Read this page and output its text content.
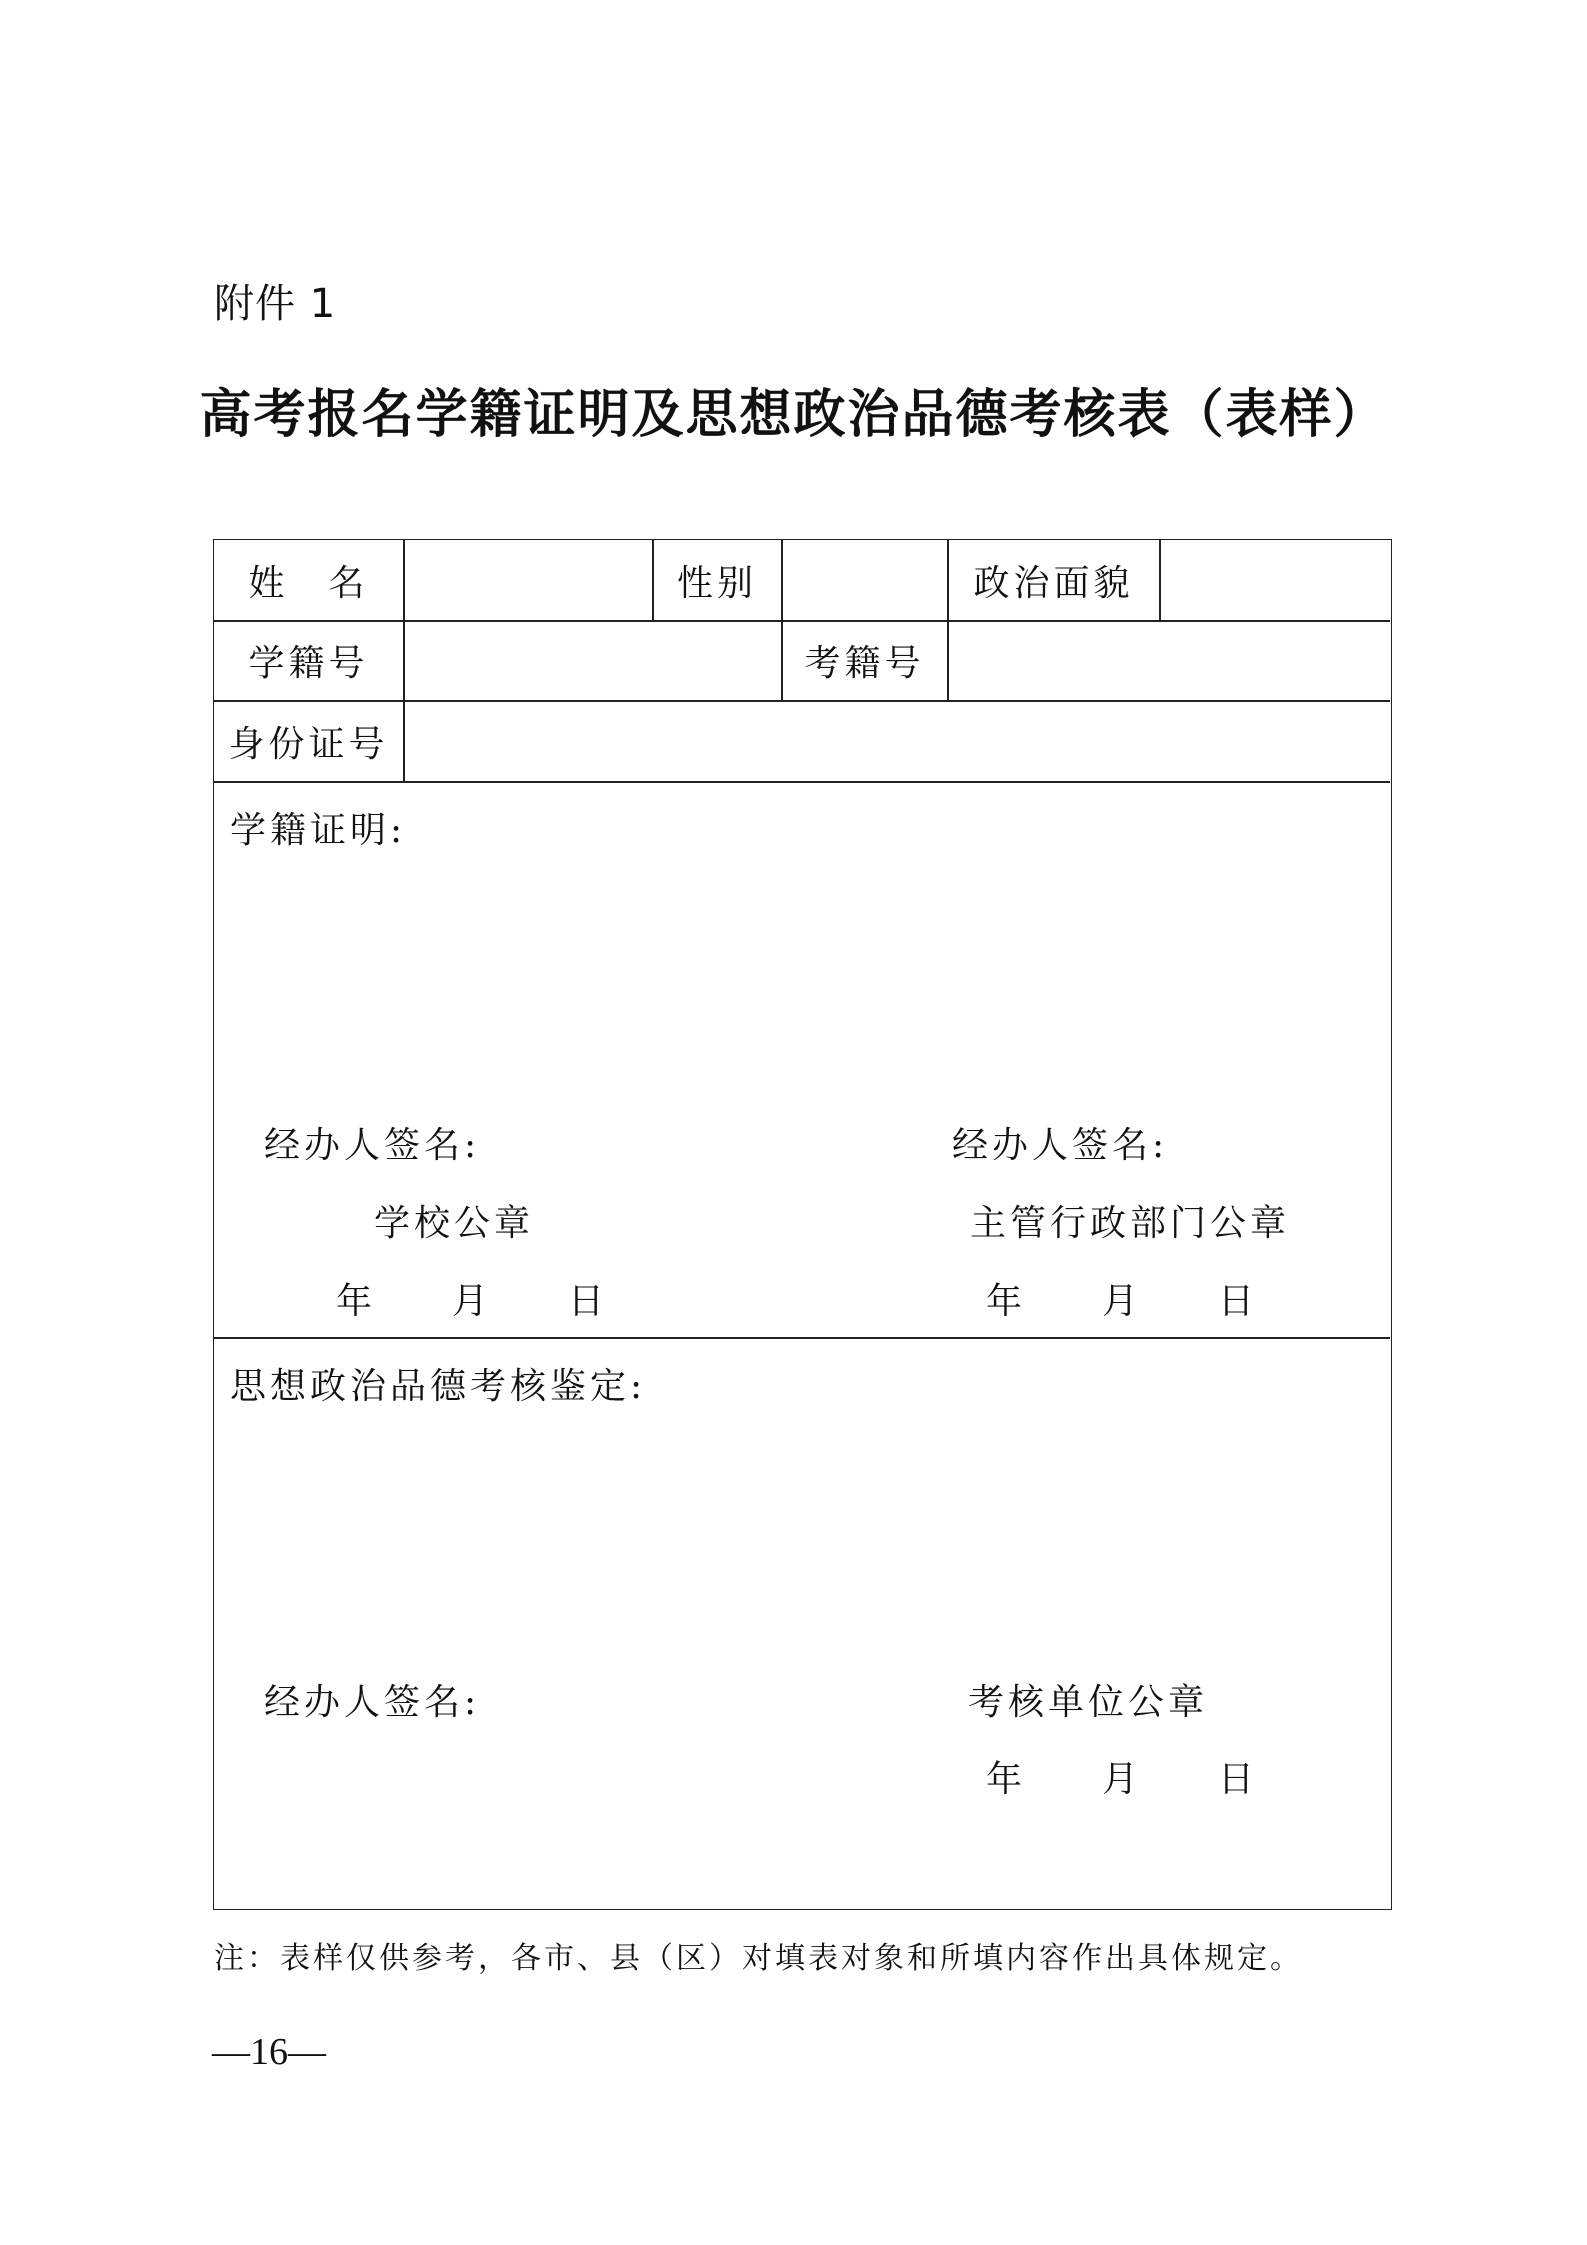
附件 1
高考报名学籍证明及思想政治品德考核表（表样）
姓　名	性别	政治面貌
学籍号	考籍号
身份证号
学籍证明:
经办人签名:
学校公章
年 月 日
经办人签名:
主管行政部门公章
年 月 日
思想政治品德考核鉴定:
经办人签名:	考核单位公章
年 月 日
注：表样仅供参考，各市、县（区）对填表对象和所填内容作出具体规定。
—16—
